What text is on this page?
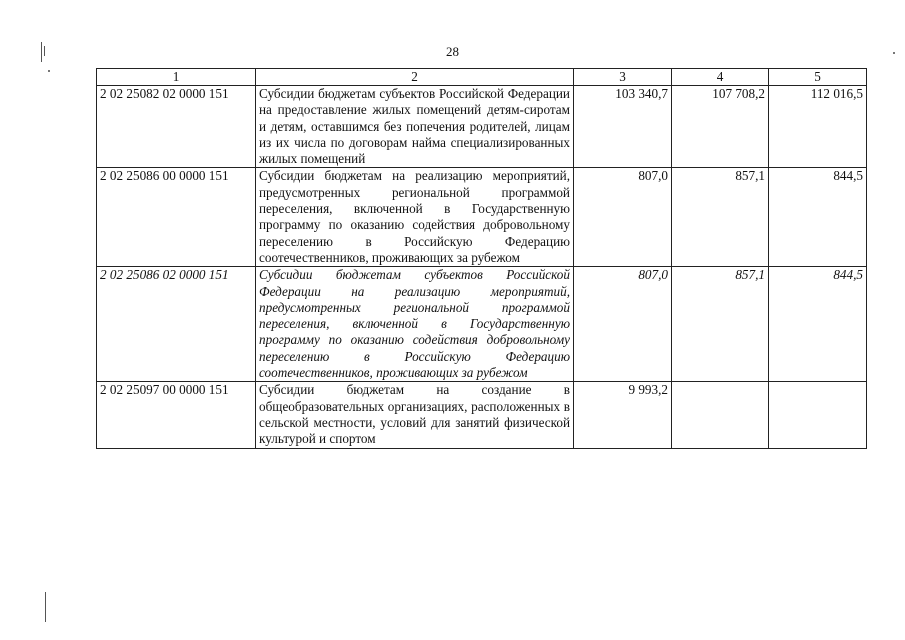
28
1	2	3	4	5
2 02 25082 02 0000 151	Субсидии бюджетам субъектов Российской Федерации на предоставление жилых помещений детям-сиротам и детям, оставшимся без попечения родителей, лицам из их числа по договорам найма специализированных жилых помещений	103 340,7	107 708,2	112 016,5
2 02 25086 00 0000 151	Субсидии бюджетам на реализацию мероприятий, предусмотренных региональной программой переселения, включенной в Государственную программу по оказанию содействия добровольному переселению в Российскую Федерацию соотечественников, проживающих за рубежом	807,0	857,1	844,5
2 02 25086 02 0000 151	Субсидии бюджетам субъектов Российской Федерации на реализацию мероприятий, предусмотренных региональной программой переселения, включенной в Государственную программу по оказанию содействия добровольному переселению в Российскую Федерацию соотечественников, проживающих за рубежом	807,0	857,1	844,5
2 02 25097 00 0000 151	Субсидии бюджетам на создание в общеобразовательных организациях, расположенных в сельской местности, условий для занятий физической культурой и спортом	9 993,2		
